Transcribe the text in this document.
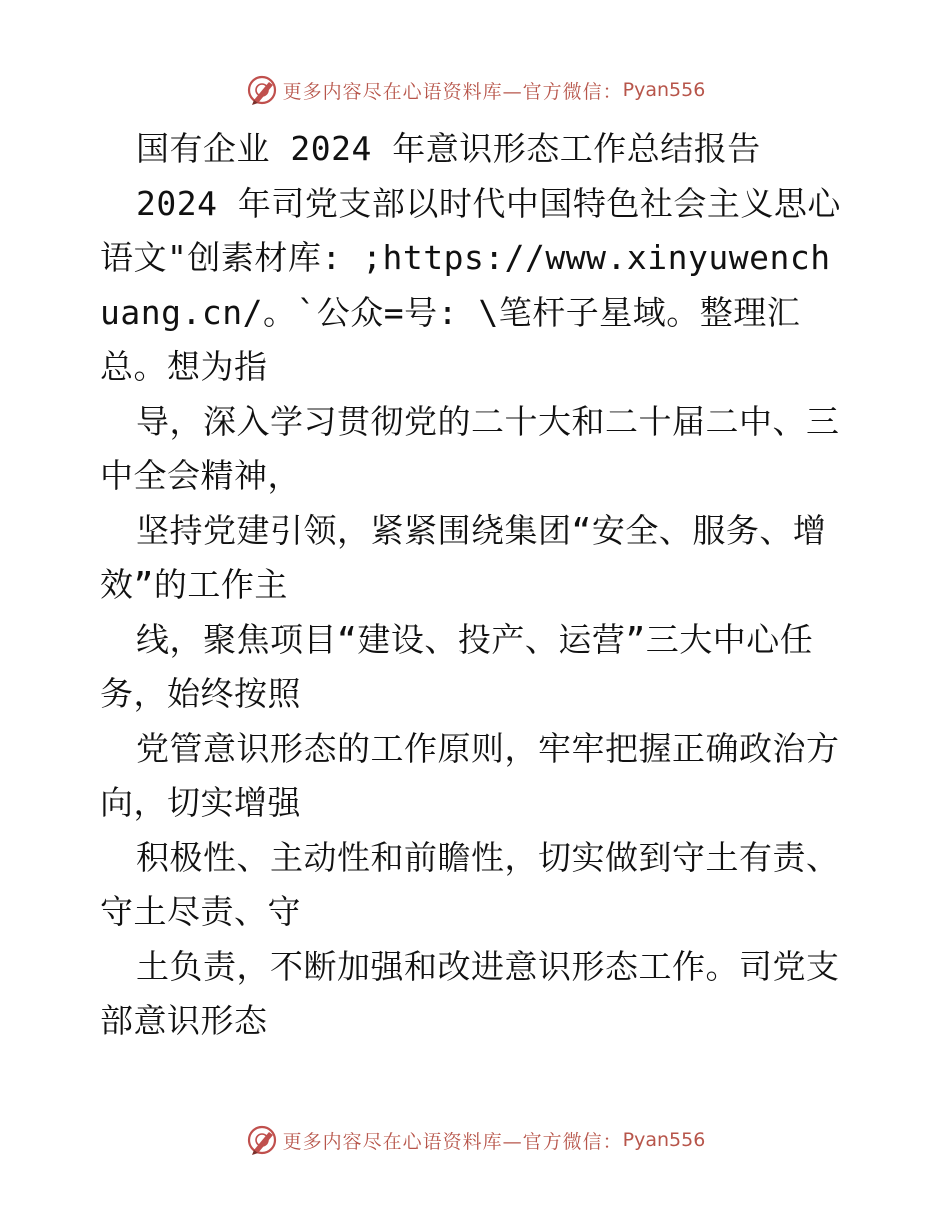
更多内容尽在心语资料库—官方微信： Pyan556

国有企业 2024 年意识形态工作总结报告

2024 年司党支部以时代中国特色社会主义思心语文"创素材库: ;https://www.xinyuwenchuang.cn/。`公众=号: \笔杆子星域。整理汇总。想为指

导，深入学习贯彻党的二十大和二十届二中、三中全会精神，

坚持党建引领，紧紧围绕集团“安全、服务、增效”的工作主

线，聚焦项目“建设、投产、运营”三大中心任务，始终按照

党管意识形态的工作原则，牢牢把握正确政治方向，切实增强

积极性、主动性和前瞻性，切实做到守土有责、守土尽责、守

土负责，不断加强和改进意识形态工作。司党支部意识形态

更多内容尽在心语资料库—官方微信： Pyan556
